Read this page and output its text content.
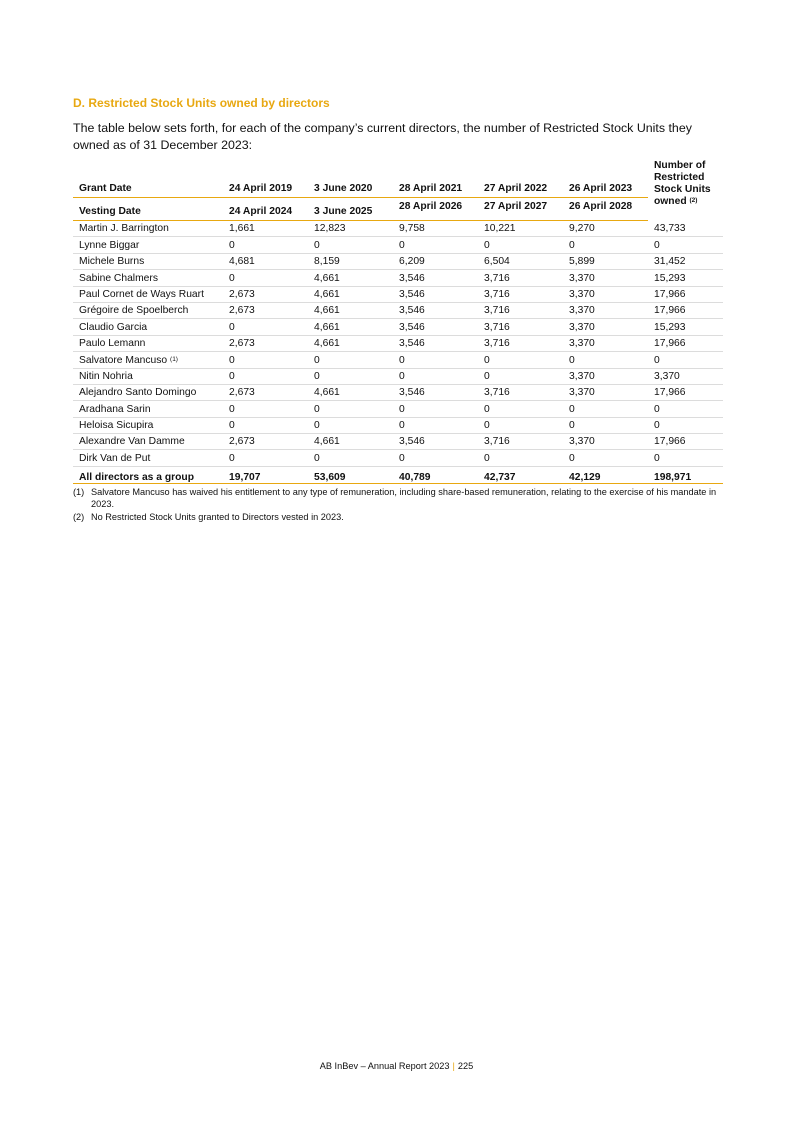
D. Restricted Stock Units owned by directors

The table below sets forth, for each of the company’s current directors, the number of Restricted Stock Units they owned as of 31 December 2023:

Grant Date	24 April 2019	3 June 2020	28 April 2021	27 April 2022	26 April 2023	Number of Restricted Stock Units owned $^{(2)}$
Vesting Date	24 April 2024	3 June 2025	28 April 2026	27 April 2027	26 April 2028	
Martin J. Barrington	1,661	12,823	9,758	10,221	9,270	43,733
Lynne Biggar	0	0	0	0	0	0
Michele Burns	4,681	8,159	6,209	6,504	5,899	31,452
Sabine Chalmers	0	4,661	3,546	3,716	3,370	15,293
Paul Cornet de Ways Ruart	2,673	4,661	3,546	3,716	3,370	17,966
Grégoire de Spoelberch	2,673	4,661	3,546	3,716	3,370	17,966
Claudio Garcia	0	4,661	3,546	3,716	3,370	15,293
Paulo Lemann	2,673	4,661	3,546	3,716	3,370	17,966
Salvatore Mancuso $^{(1)}$	0	0	0	0	0	0
Nitin Nohria	0	0	0	0	3,370	3,370
Alejandro Santo Domingo	2,673	4,661	3,546	3,716	3,370	17,966
Aradhana Sarin	0	0	0	0	0	0
Heloisa Sicupira	0	0	0	0	0	0
Alexandre Van Damme	2,673	4,661	3,546	3,716	3,370	17,966
Dirk Van de Put	0	0	0	0	0	0
All directors as a group	19,707	53,609	40,789	42,737	42,129	198,971
(1) Salvatore Mancuso has waived his entitlement to any type of remuneration, including share-based remuneration, relating to the exercise of his mandate in 2023.
(2) No Restricted Stock Units granted to Directors vested in 2023.
AB InBev – Annual Report 2023 | 225
